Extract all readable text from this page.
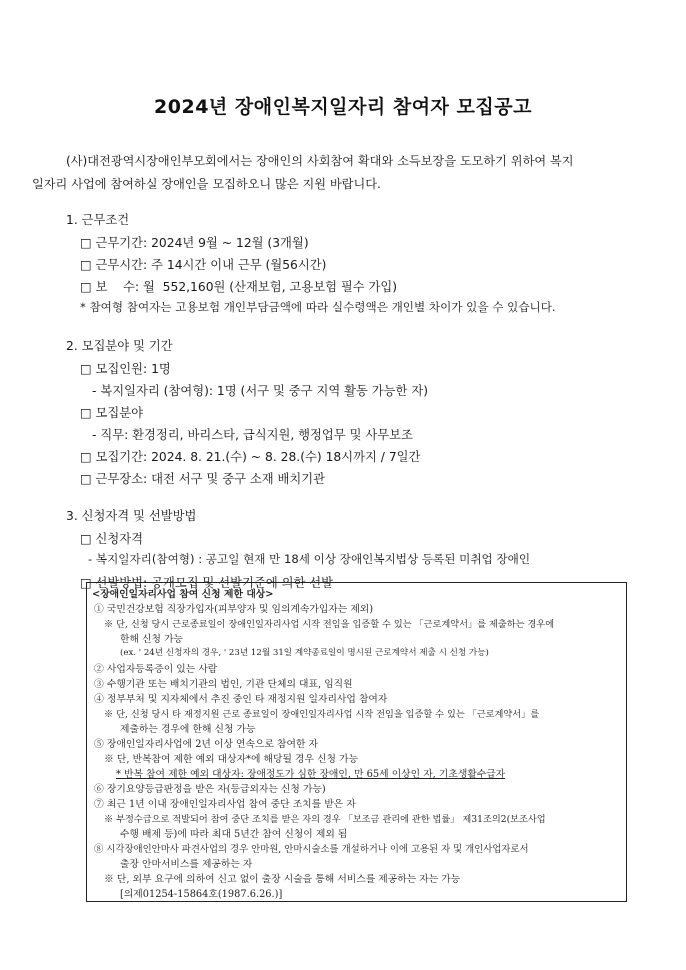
2024년 장애인복지일자리 참여자 모집공고
(사)대전광역시장애인부모회에서는 장애인의 사회참여 확대와 소득보장을 도모하기 위하여 복지
일자리 사업에 참여하실 장애인을 모집하오니 많은 지원 바랍니다.
1. 근무조건
□ 근무기간: 2024년 9월 ~ 12월 (3개월)
□ 근무시간: 주 14시간 이내 근무 (월56시간)
□ 보    수: 월  552,160원 (산재보험, 고용보험 필수 가입)
* 참여형 참여자는 고용보험 개인부담금액에 따라 실수령액은 개인별 차이가 있을 수 있습니다.
2. 모집분야 및 기간
□ 모집인원: 1명
- 복지일자리 (참여형): 1명 (서구 및 중구 지역 활동 가능한 자)
□ 모집분야
- 직무: 환경정리, 바리스타, 급식지원, 행정업무 및 사무보조
□ 모집기간: 2024. 8. 21.(수) ~ 8. 28.(수) 18시까지 / 7일간
□ 근무장소: 대전 서구 및 중구 소재 배치기관
3. 신청자격 및 선발방법
□ 신청자격
- 복지일자리(참여형) : 공고일 현재 만 18세 이상 장애인복지법상 등록된 미취업 장애인
□ 선발방법: 공개모집 및 선발기준에 의한 선발
<장애인일자리사업 참여 신청 제한 대상>
① 국민건강보험 직장가입자(피부양자 및 임의계속가입자는 제외)
※ 단, 신청 당시 근로종료일이 장애인일자리사업 시작 전임을 입증할 수 있는 「근로계약서」를 제출하는 경우에
한해 신청 가능
(ex. ' 24년 신청자의 경우, ' 23년 12월 31일 계약종료일이 명시된 근로계약서 제출 시 신청 가능)
② 사업자등록증이 있는 사람
③ 수행기관 또는 배치기관의 법인, 기관 단체의 대표, 임직원
④ 정부부처 및 지자체에서 추진 중인 타 재정지원 일자리사업 참여자
※ 단, 신청 당시 타 재정지원 근로 종료일이 장애인일자리사업 시작 전임을 입증할 수 있는 「근로계약서」를
제출하는 경우에 한해 신청 가능
⑤ 장애인일자리사업에 2년 이상 연속으로 참여한 자
※ 단, 반복참여 제한 예외 대상자*에 해당될 경우 신청 가능
* 반복 참여 제한 예외 대상자: 장애정도가 심한 장애인, 만 65세 이상인 자, 기초생활수급자
⑥ 장기요양등급판정을 받은 자(등급외자는 신청 가능)
⑦ 최근 1년 이내 장애인일자리사업 참여 중단 조치를 받은 자
※ 부정수급으로 적발되어 참여 중단 조치를 받은 자의 경우 「보조금 관리에 관한 법률」 제31조의2(보조사업
수행 배제 등)에 따라 최대 5년간 참여 신청이 제외 됨
⑧ 시각장애인안마사 파견사업의 경우 안마원, 안마시술소를 개설하거나 이에 고용된 자 및 개인사업자로서
출장 안마서비스를 제공하는 자
※ 단, 외부 요구에 의하여 신고 없이 출장 시술을 통해 서비스를 제공하는 자는 가능
[의제01254-15864호(1987.6.26.)]
